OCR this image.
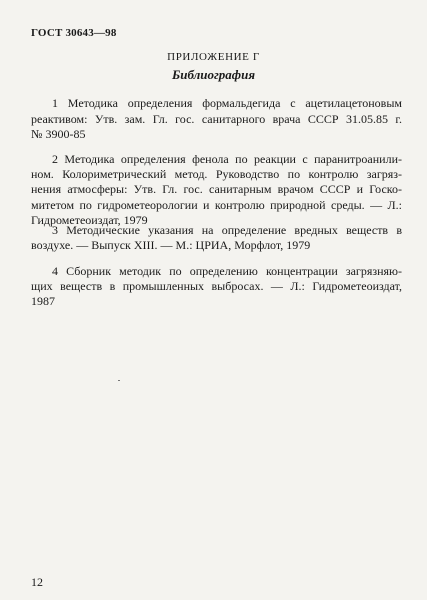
ГОСТ 30643—98
ПРИЛОЖЕНИЕ Г
Библиография
1 Методика определения формальдегида с ацетилацетоновым
реактивом: Утв. зам. Гл. гос. санитарного врача СССР 31.05.85 г.
№ 3900-85
2 Методика определения фенола по реакции с паранитроанили-
ном. Колориметрический метод. Руководство по контролю загряз-
нения атмосферы: Утв. Гл. гос. санитарным врачом СССР и Госко-
митетом по гидрометеорологии и контролю природной среды. — Л.:
Гидрометеоиздат, 1979
3 Методические указания на определение вредных веществ в
воздухе. — Выпуск XIII. — М.: ЦРИА, Морфлот, 1979
4 Сборник методик по определению концентрации загрязняю-
щих веществ в промышленных выбросах. — Л.: Гидрометеоиздат,
1987
12
